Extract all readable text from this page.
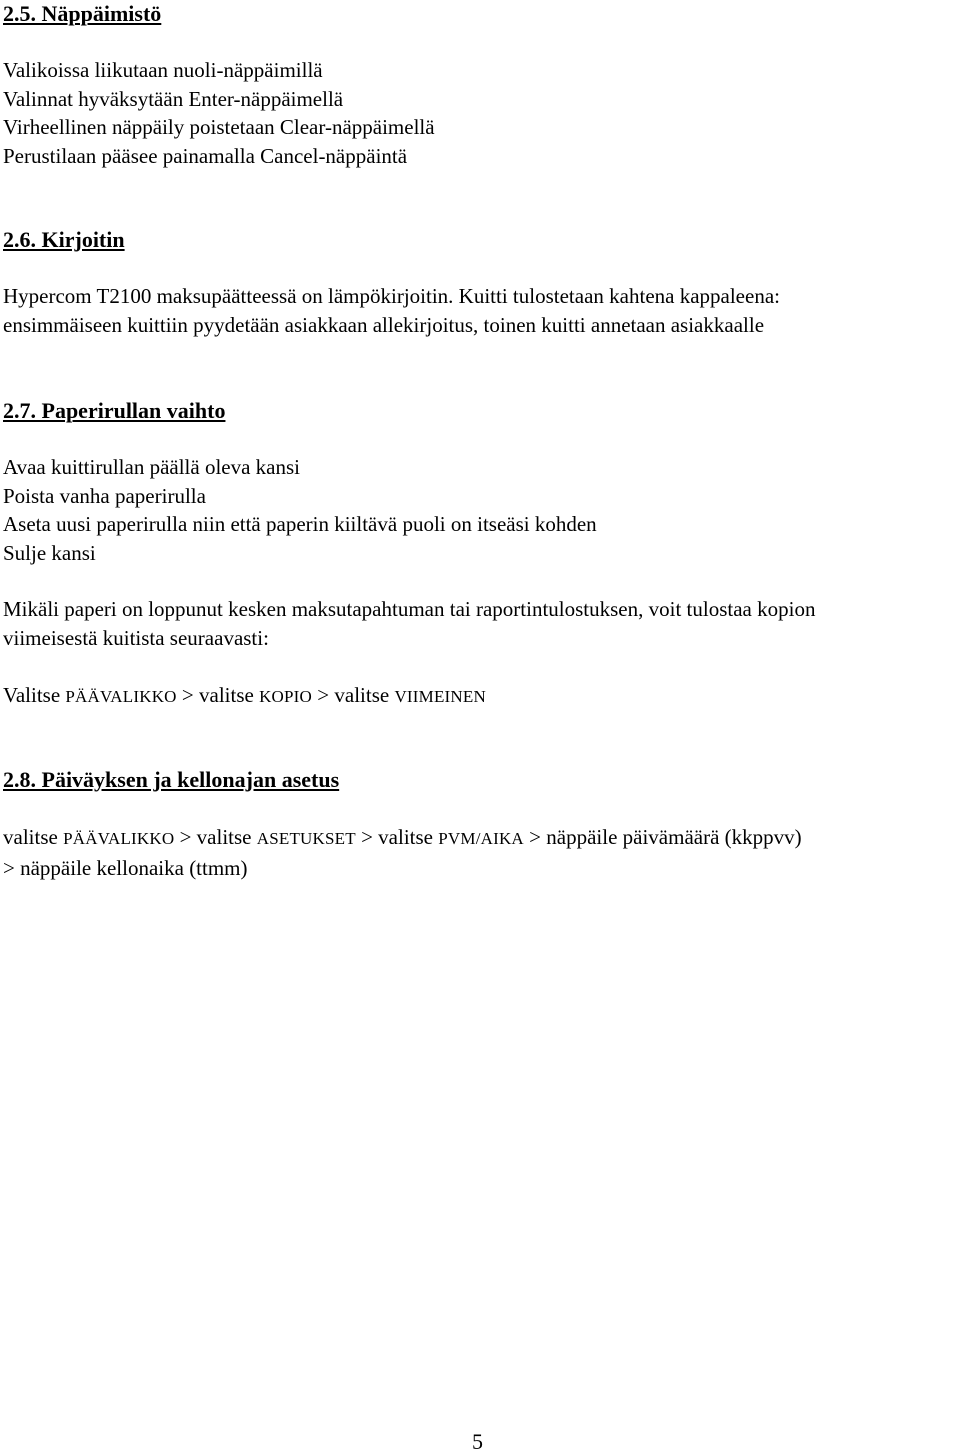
2.5. Näppäimistö
Valikoissa liikutaan nuoli-näppäimillä
Valinnat hyväksytään Enter-näppäimellä
Virheellinen näppäily poistetaan Clear-näppäimellä
Perustilaan pääsee painamalla Cancel-näppäintä
2.6. Kirjoitin
Hypercom T2100 maksupäätteessä on lämpökirjoitin. Kuitti tulostetaan kahtena kappaleena:
ensimmäiseen kuittiin pyydetään asiakkaan allekirjoitus, toinen kuitti annetaan asiakkaalle
2.7. Paperirullan vaihto
Avaa kuittirullan päällä oleva kansi
Poista vanha paperirulla
Aseta uusi paperirulla niin että paperin kiiltävä puoli on itseäsi kohden
Sulje kansi
Mikäli paperi on loppunut kesken maksutapahtuman tai raportintulostuksen, voit tulostaa kopion
viimeisestä kuitista seuraavasti:
Valitse PÄÄVALIKKO > valitse KOPIO > valitse VIIMEINEN
2.8. Päiväyksen ja kellonajan asetus
valitse PÄÄVALIKKO > valitse ASETUKSET > valitse PVM/AIKA > näppäile päivämäärä (kkppvv)
> näppäile kellonaika (ttmm)
5
